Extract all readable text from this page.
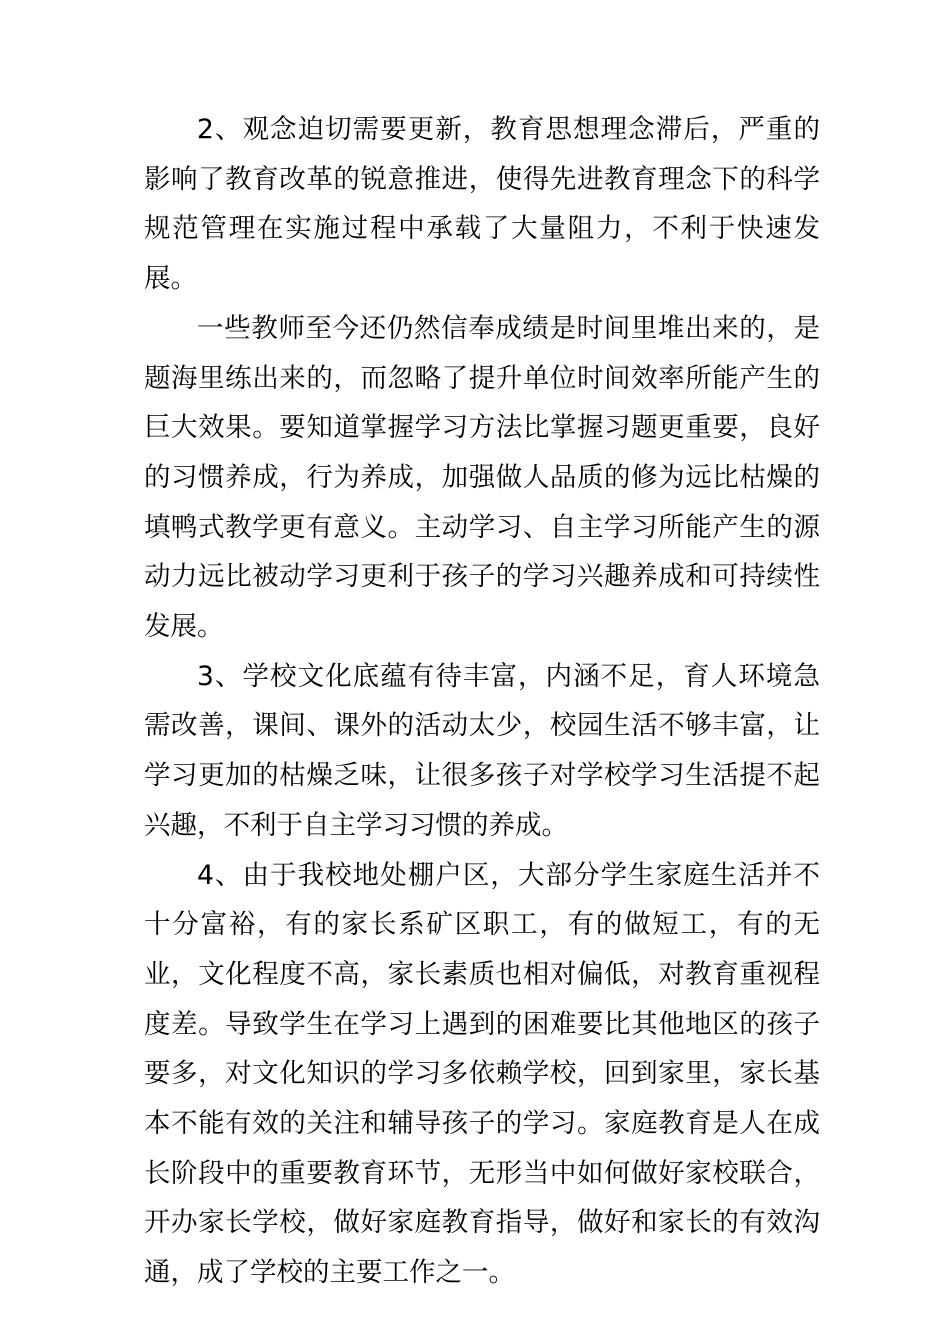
2、观念迫切需要更新，教育思想理念滞后，严重的影响了教育改革的锐意推进，使得先进教育理念下的科学规范管理在实施过程中承载了大量阻力，不利于快速发展。

一些教师至今还仍然信奉成绩是时间里堆出来的，是题海里练出来的，而忽略了提升单位时间效率所能产生的巨大效果。要知道掌握学习方法比掌握习题更重要，良好的习惯养成，行为养成，加强做人品质的修为远比枯燥的填鸭式教学更有意义。主动学习、自主学习所能产生的源动力远比被动学习更利于孩子的学习兴趣养成和可持续性发展。

3、学校文化底蕴有待丰富，内涵不足，育人环境急需改善，课间、课外的活动太少，校园生活不够丰富，让学习更加的枯燥乏味，让很多孩子对学校学习生活提不起兴趣，不利于自主学习习惯的养成。

4、由于我校地处棚户区，大部分学生家庭生活并不十分富裕，有的家长系矿区职工，有的做短工，有的无业，文化程度不高，家长素质也相对偏低，对教育重视程度差。导致学生在学习上遇到的困难要比其他地区的孩子要多，对文化知识的学习多依赖学校，回到家里，家长基本不能有效的关注和辅导孩子的学习。家庭教育是人在成长阶段中的重要教育环节，无形当中如何做好家校联合，开办家长学校，做好家庭教育指导，做好和家长的有效沟通，成了学校的主要工作之一。
